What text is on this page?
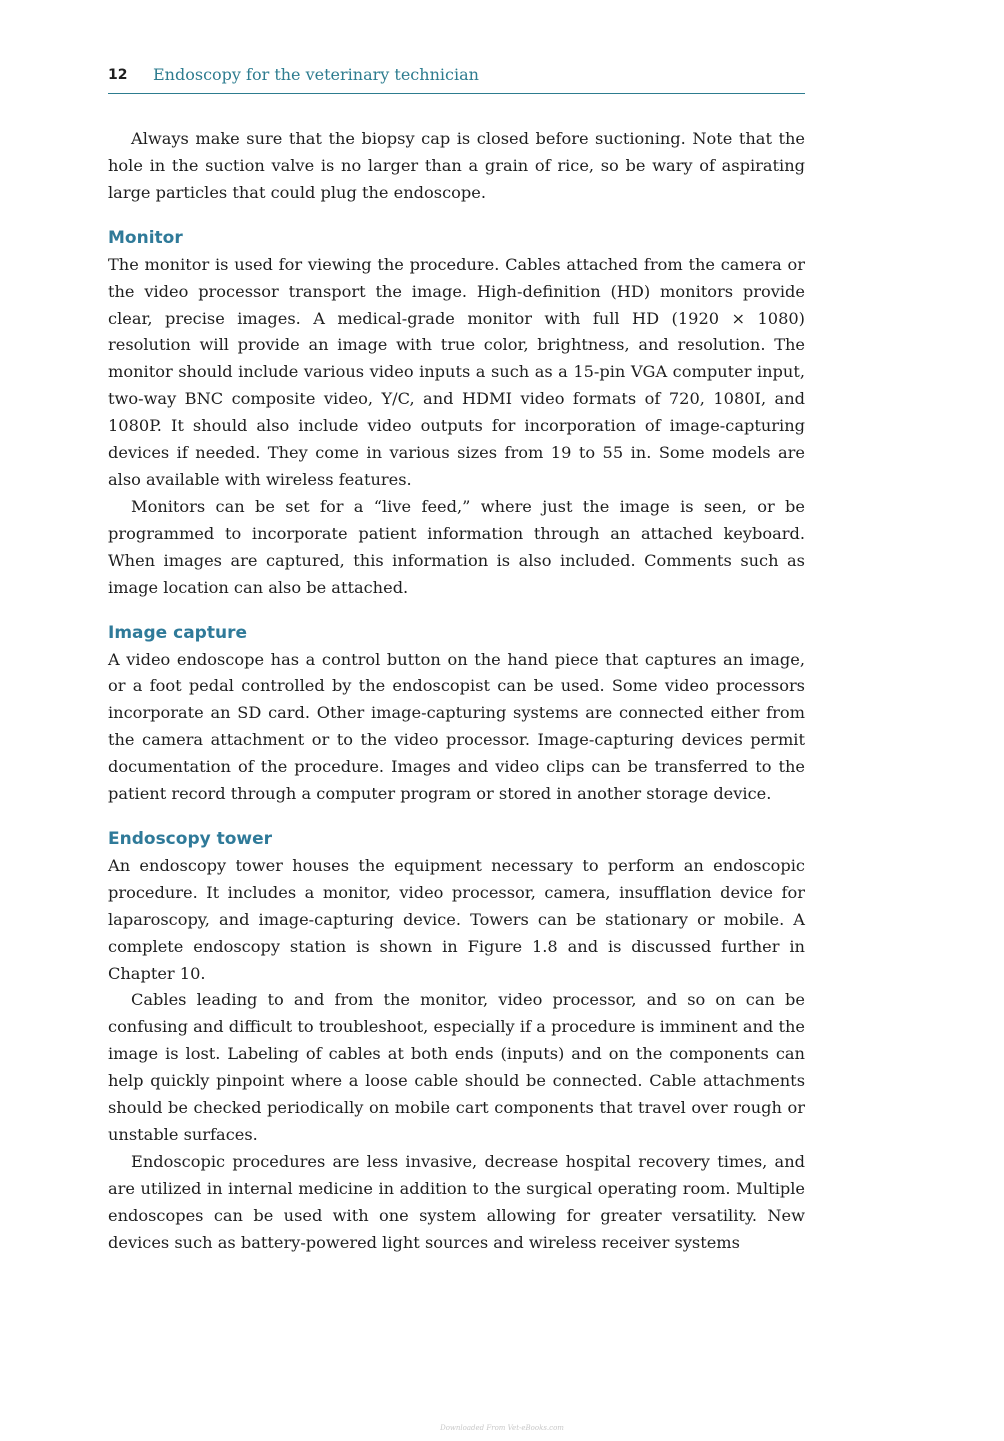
12 Endoscopy for the veterinary technician

Always make sure that the biopsy cap is closed before suctioning. Note that the hole in the suction valve is no larger than a grain of rice, so be wary of aspirating large particles that could plug the endoscope.

Monitor

The monitor is used for viewing the procedure. Cables attached from the camera or the video processor transport the image. High-definition (HD) monitors provide clear, precise images. A medical-grade monitor with full HD (1920 × 1080) resolution will provide an image with true color, brightness, and resolution. The monitor should include various video inputs a such as a 15-pin VGA computer input, two-way BNC composite video, Y/C, and HDMI video formats of 720, 1080I, and 1080P. It should also include video outputs for incorporation of image-capturing devices if needed. They come in various sizes from 19 to 55 in. Some models are also available with wireless features.

Monitors can be set for a “live feed,” where just the image is seen, or be programmed to incorporate patient information through an attached keyboard. When images are captured, this information is also included. Comments such as image location can also be attached.

Image capture

A video endoscope has a control button on the hand piece that captures an image, or a foot pedal controlled by the endoscopist can be used. Some video processors incorporate an SD card. Other image-capturing systems are connected either from the camera attachment or to the video processor. Image-capturing devices permit documentation of the procedure. Images and video clips can be transferred to the patient record through a computer program or stored in another storage device.

Endoscopy tower

An endoscopy tower houses the equipment necessary to perform an endoscopic procedure. It includes a monitor, video processor, camera, insufflation device for laparoscopy, and image-capturing device. Towers can be stationary or mobile. A complete endoscopy station is shown in Figure 1.8 and is discussed further in Chapter 10.

Cables leading to and from the monitor, video processor, and so on can be confusing and difficult to troubleshoot, especially if a procedure is imminent and the image is lost. Labeling of cables at both ends (inputs) and on the components can help quickly pinpoint where a loose cable should be connected. Cable attachments should be checked periodically on mobile cart components that travel over rough or unstable surfaces.

Endoscopic procedures are less invasive, decrease hospital recovery times, and are utilized in internal medicine in addition to the surgical operating room. Multiple endoscopes can be used with one system allowing for greater versatility. New devices such as battery-powered light sources and wireless receiver systems

Downloaded From Vet-eBooks.com
